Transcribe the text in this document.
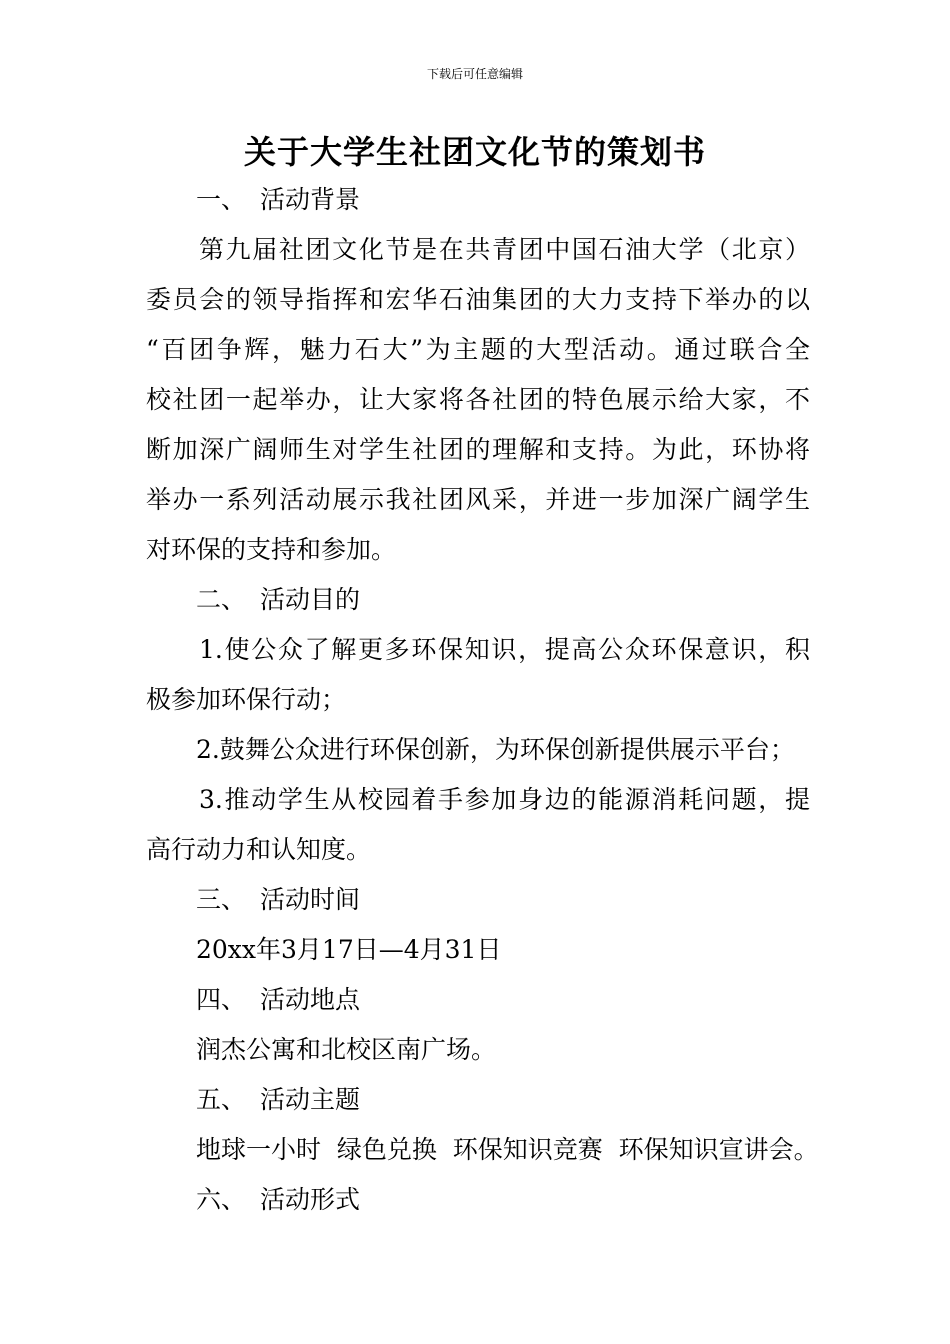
下载后可任意编辑
关于大学生社团文化节的策划书

一、 活动背景

第九届社团文化节是在共青团中国石油大学（北京）

委员会的领导指挥和宏华石油集团的大力支持下举办的以

“百团争辉，魅力石大”为主题的大型活动。通过联合全

校社团一起举办，让大家将各社团的特色展示给大家，不

断加深广阔师生对学生社团的理解和支持。为此，环协将

举办一系列活动展示我社团风采，并进一步加深广阔学生

对环保的支持和参加。

二、 活动目的

1.使公众了解更多环保知识，提高公众环保意识，积

极参加环保行动；

2.鼓舞公众进行环保创新，为环保创新提供展示平台；

3.推动学生从校园着手参加身边的能源消耗问题，提

高行动力和认知度。

三、 活动时间

20xx年3月17日—4月31日

四、 活动地点

润杰公寓和北校区南广场。

五、 活动主题

地球一小时  绿色兑换  环保知识竞赛  环保知识宣讲会。

六、 活动形式
